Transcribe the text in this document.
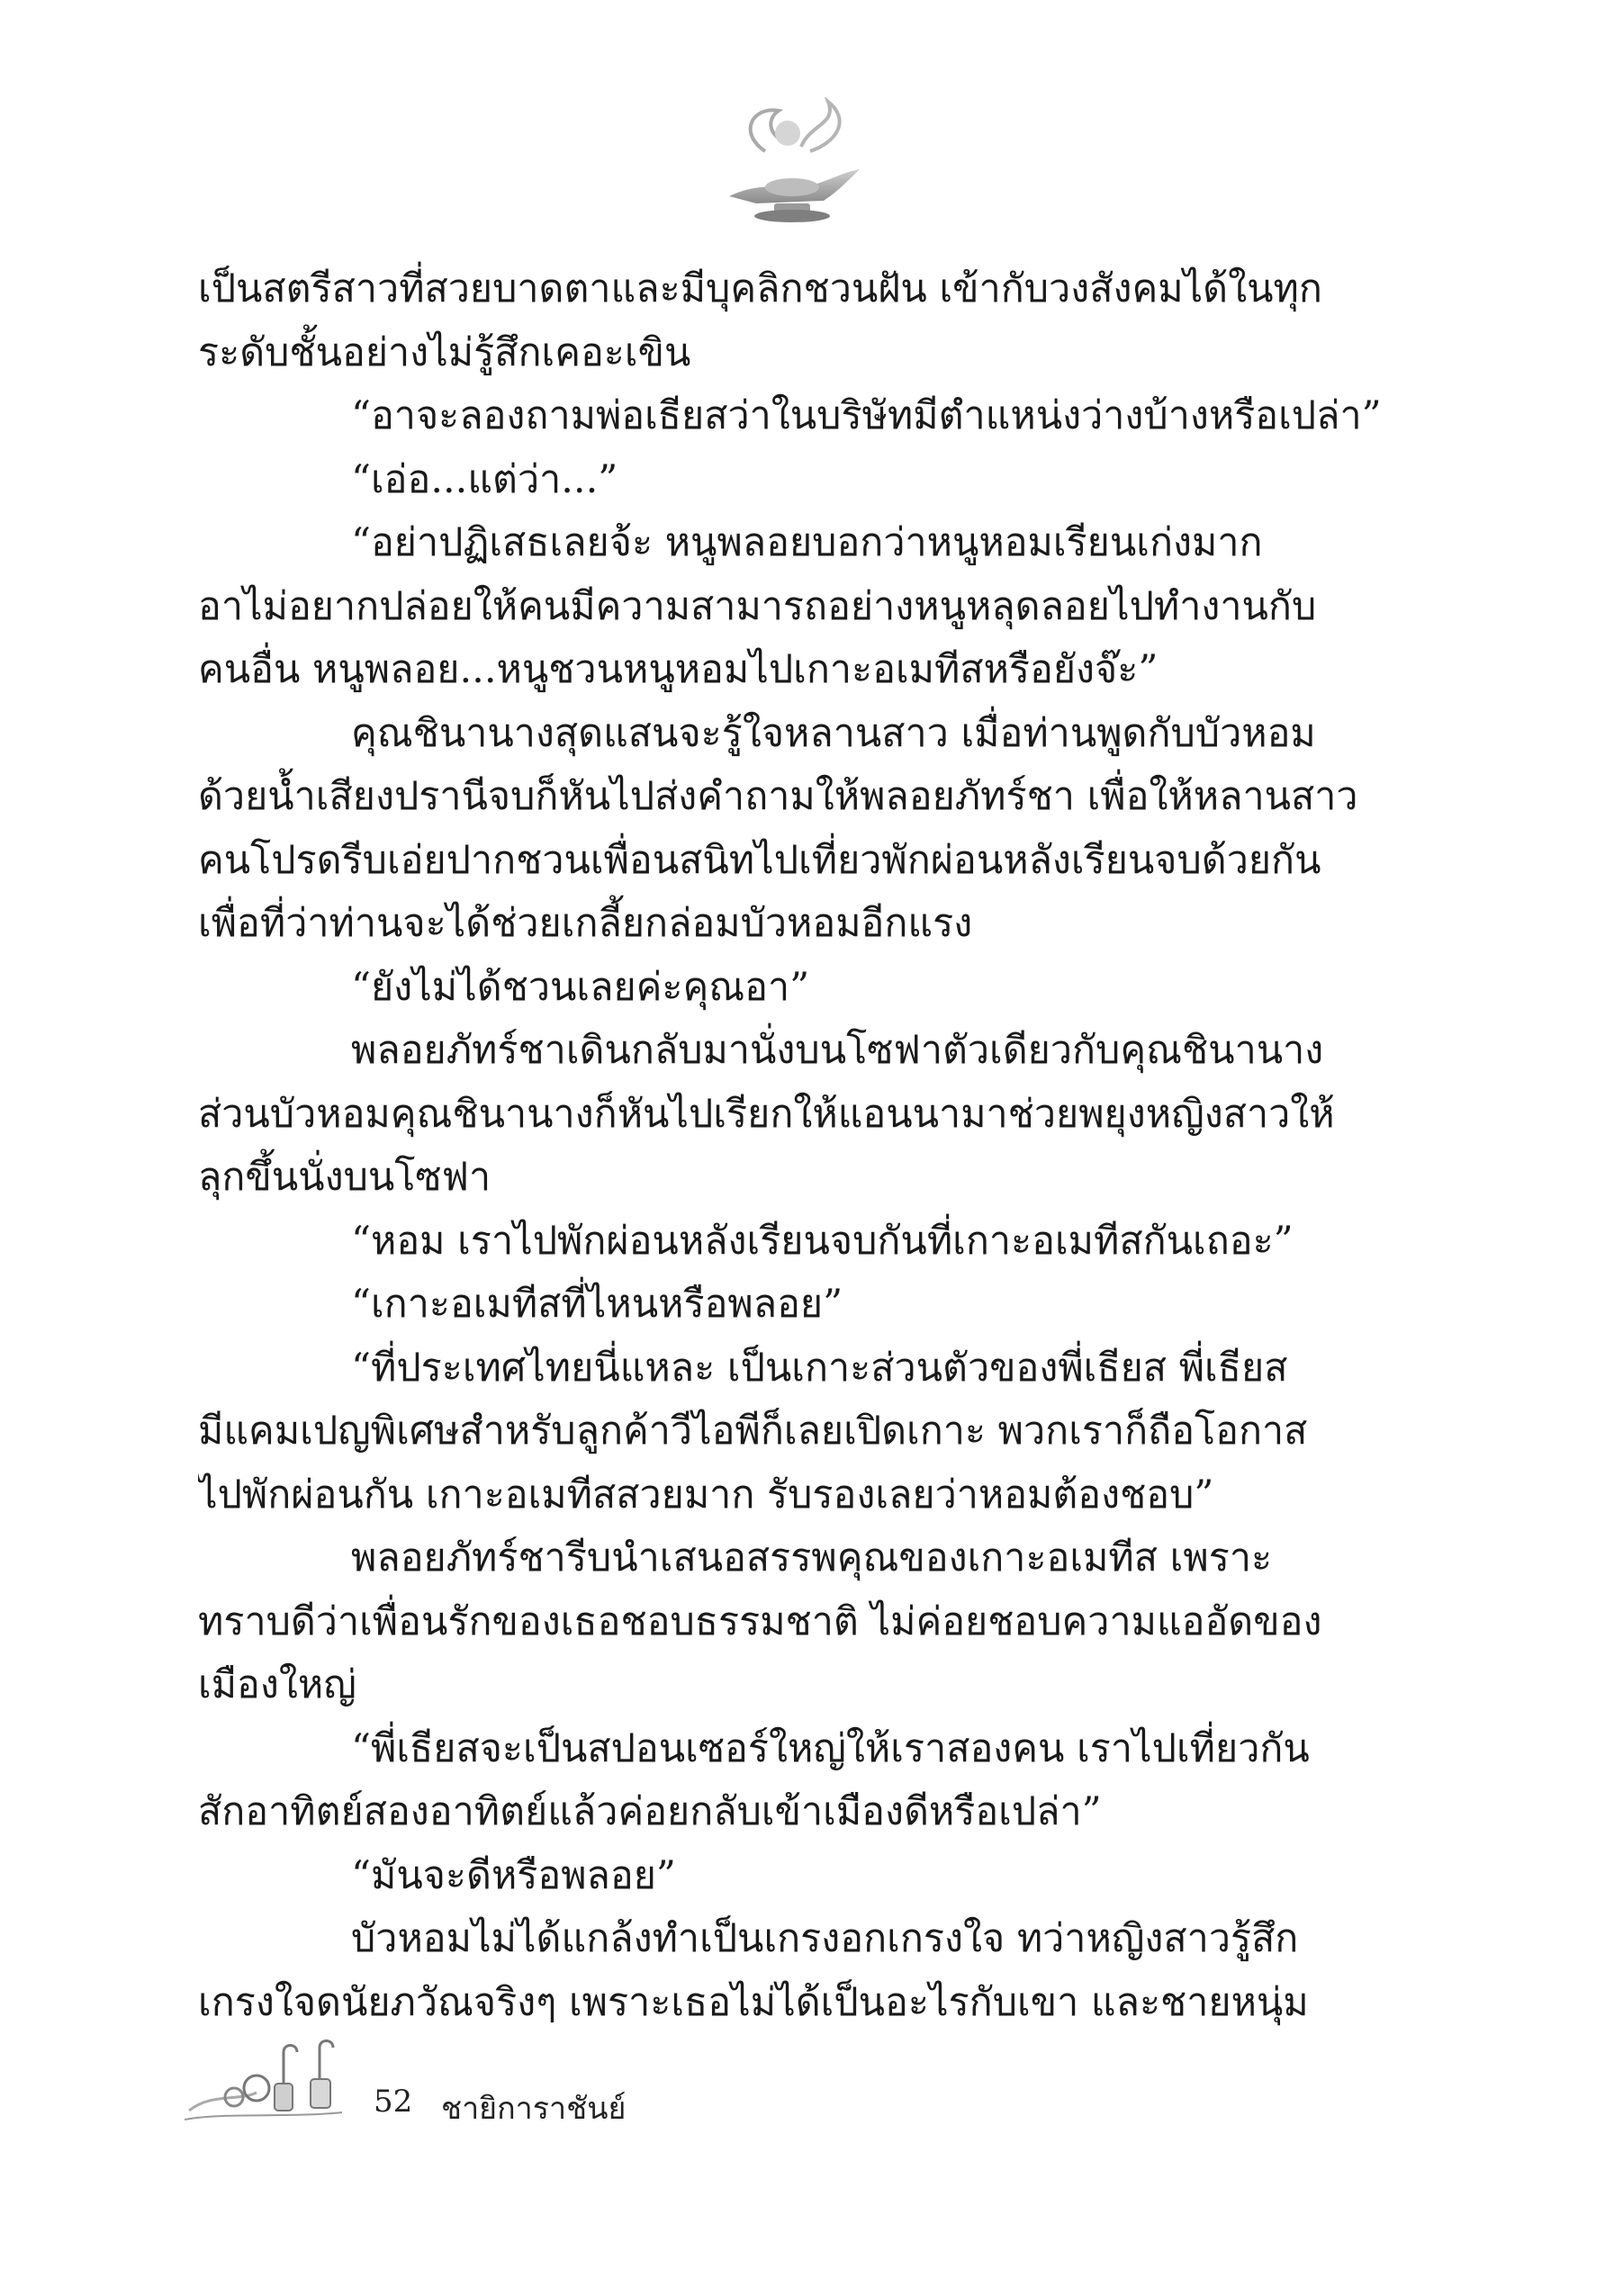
เป็นสตรีสาวที่สวยบาดตาและมีบุคลิกชวนฝัน เข้ากับวงสังคมได้ในทุก
ระดับชั้นอย่างไม่รู้สึกเคอะเขิน
“อาจะลองถามพ่อเธียสว่าในบริษัทมีตำแหน่งว่างบ้างหรือเปล่า”
“เอ่อ...แต่ว่า...”
“อย่าปฏิเสธเลยจ้ะ หนูพลอยบอกว่าหนูหอมเรียนเก่งมาก
อาไม่อยากปล่อยให้คนมีความสามารถอย่างหนูหลุดลอยไปทำงานกับ
คนอื่น หนูพลอย...หนูชวนหนูหอมไปเกาะอเมทีสหรือยังจ๊ะ”
คุณชินานางสุดแสนจะรู้ใจหลานสาว เมื่อท่านพูดกับบัวหอม
ด้วยน้ำเสียงปรานีจบก็หันไปส่งคำถามให้พลอยภัทร์ชา เพื่อให้หลานสาว
คนโปรดรีบเอ่ยปากชวนเพื่อนสนิทไปเที่ยวพักผ่อนหลังเรียนจบด้วยกัน
เพื่อที่ว่าท่านจะได้ช่วยเกลี้ยกล่อมบัวหอมอีกแรง
“ยังไม่ได้ชวนเลยค่ะคุณอา”
พลอยภัทร์ชาเดินกลับมานั่งบนโซฟาตัวเดียวกับคุณชินานาง
ส่วนบัวหอมคุณชินานางก็หันไปเรียกให้แอนนามาช่วยพยุงหญิงสาวให้
ลุกขึ้นนั่งบนโซฟา
“หอม เราไปพักผ่อนหลังเรียนจบกันที่เกาะอเมทีสกันเถอะ”
“เกาะอเมทีสที่ไหนหรือพลอย”
“ที่ประเทศไทยนี่แหละ เป็นเกาะส่วนตัวของพี่เธียส พี่เธียส
มีแคมเปญพิเศษสำหรับลูกค้าวีไอพีก็เลยเปิดเกาะ พวกเราก็ถือโอกาส
ไปพักผ่อนกัน เกาะอเมทีสสวยมาก รับรองเลยว่าหอมต้องชอบ”
พลอยภัทร์ชารีบนำเสนอสรรพคุณของเกาะอเมทีส เพราะ
ทราบดีว่าเพื่อนรักของเธอชอบธรรมชาติ ไม่ค่อยชอบความแออัดของ
เมืองใหญ่
“พี่เธียสจะเป็นสปอนเซอร์ใหญ่ให้เราสองคน เราไปเที่ยวกัน
สักอาทิตย์สองอาทิตย์แล้วค่อยกลับเข้าเมืองดีหรือเปล่า”
“มันจะดีหรือพลอย”
บัวหอมไม่ได้แกล้งทำเป็นเกรงอกเกรงใจ ทว่าหญิงสาวรู้สึก
เกรงใจดนัยภวัณจริงๆ เพราะเธอไม่ได้เป็นอะไรกับเขา และชายหนุ่ม
52 ชายิการาชันย์
